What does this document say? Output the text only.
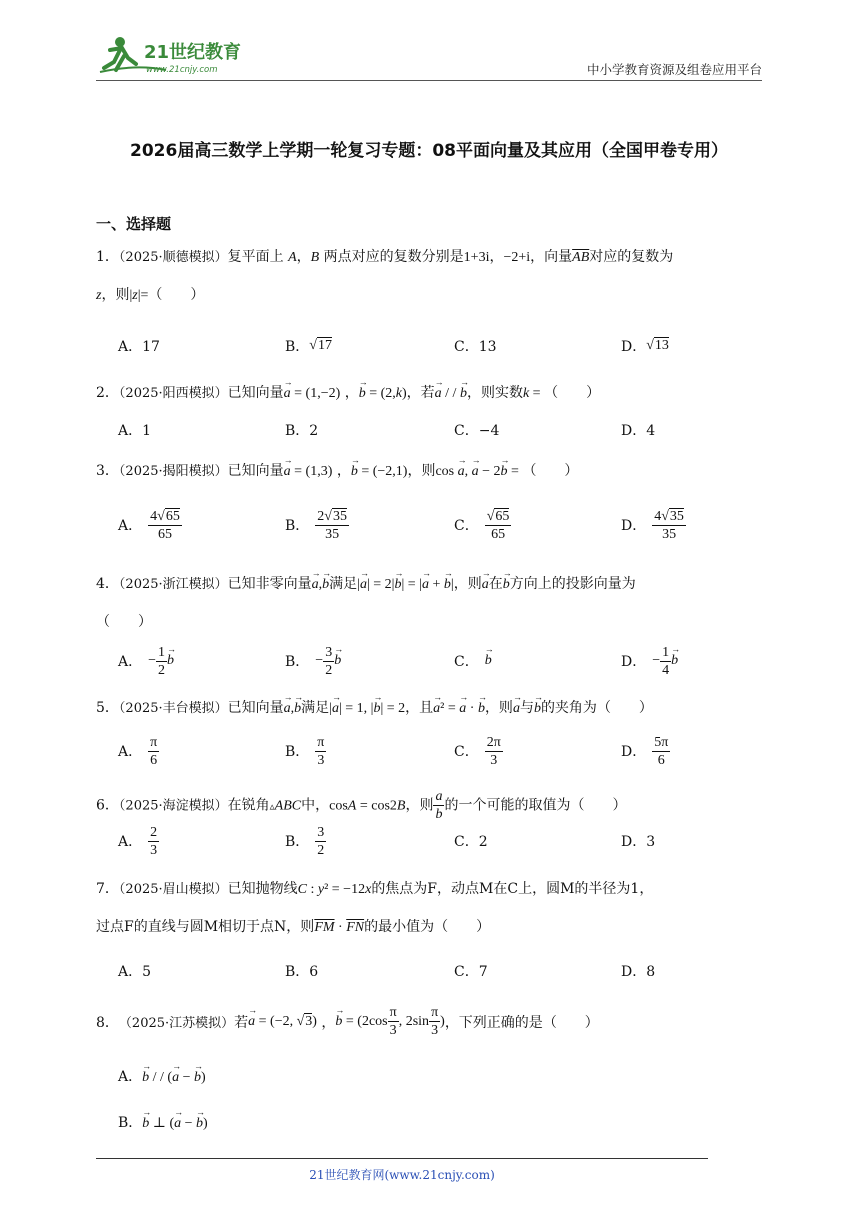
21世纪教育
www.21cnjy.com	中小学教育资源及组卷应用平台
2026届高三数学上学期一轮复习专题：08平面向量及其应用（全国甲卷专用）
一、选择题
1．（2025·顺德模拟）复平面上 A，B 两点对应的复数分别是1+3i，−2+i，向量$\overline{AB}$对应的复数为
z，则|z|=（　　）
A．17	B． √17	C．13	D． √13
2．（2025·阳西模拟）已知向量→ a = (1,−2) ，→ b = (2,k)，若→ a / / → b，则实数k = （　　）
A．1	B．2	C．−4	D．4
3．（2025·揭阳模拟）已知向量→ a = (1,3) ，→ b = (−2,1)，则cos → a, → a − 2→ b = （　　）
A． $\frac{4√65}{65}$	B． $\frac{2√35}{35}$	C． $\frac{√65}{65}$	D． $\frac{4√35}{35}$
4．（2025·浙江模拟）已知非零向量→ a,→ b满足|→ a| = 2|→ b| = |→ a + → b|，则→ a在→ b方向上的投影向量为
（　　）
A． − $\frac{1}{2} \to b$	B． − $\frac{3}{2} \to b$	C． → b	D． − $\frac{1}{4} \to b$
5．（2025·丰台模拟）已知向量→ a,→ b满足|→ a| = 1, |→ b| = 2，且→ a² = → a · → b，则→ a与→ b的夹角为（　　）
A． $\frac{\pi}{6}$	B． $\frac{\pi}{3}$	C． $\frac{2\pi}{3}$	D． $\frac{5\pi}{6}$
6．（2025·海淀模拟）在锐角▵ABC中，cosA = cos2B，则 $\frac{a}{b}$ 的一个可能的取值为（　　）
A． $\frac{2}{3}$	B． $\frac{3}{2}$	C．2	D．3
7．（2025·眉山模拟）已知抛物线C : y² = −12x的焦点为F，动点M在C上，圆M的半径为1，
过点F的直线与圆M相切于点N，则$\overline{FM} \cdot \overline{FN}$的最小值为（　　）
A．5	B．6	C．7	D．8
8． （2025·江苏模拟） 若 → a = (−2, √3) ， → $b = (2\cos \frac{\pi}{3}$ , $2\sin \frac{\pi}{3}$ ) ，下列正确的是 （　　）
A．→ b / / (→ a − → b)
B．→ b ⊥ (→ a − → b)
21世纪教育网(www.21cnjy.com)
